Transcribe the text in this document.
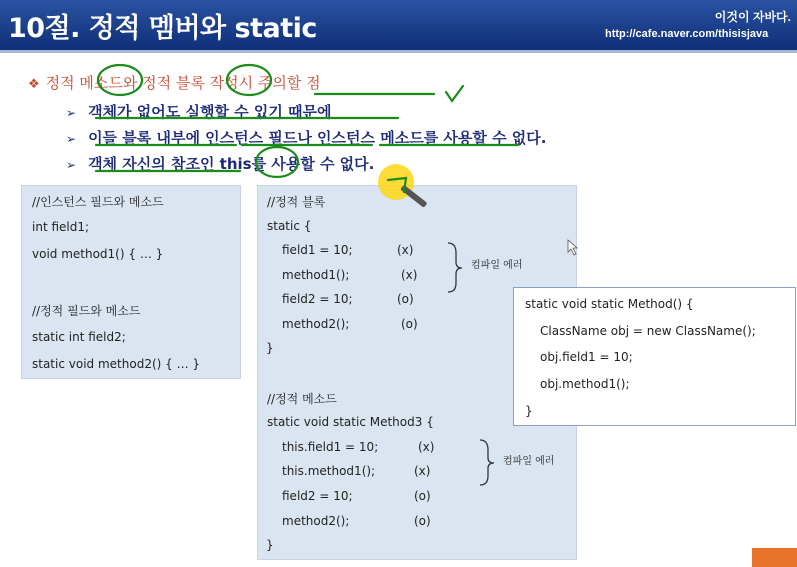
10절. 정적 멤버와 static	이것이 자바다.
http://cafe.naver.com/thisisjava
❖ 정적 메소드와 정적 블록 작성시 주의할 점
➢ 객체가 없어도 실행할 수 있기 때문에
➢ 이들 블록 내부에 인스턴스 필드나 인스턴스 메소드를 사용할 수 없다.
➢ 객체 자신의 참조인 this를 사용할 수 없다.
//인스턴스 필드와 메소드
int field1;
void method1() { … }
//정적 필드와 메소드
static int field2;
static void method2() { … }
//정적 블록
static {
field1 = 10;	(x)
method1();	(x)
field2 = 10;	(o)
method2();	(o)
}
컴파일 에러
//정적 메소드
static void static Method3 {
this.field1 = 10;	(x)
this.method1();	(x)
field2 = 10;	(o)
method2();	(o)
}
컴파일 에러
static void static Method() {
ClassName obj = new ClassName();
obj.field1 = 10;
obj.method1();
}
